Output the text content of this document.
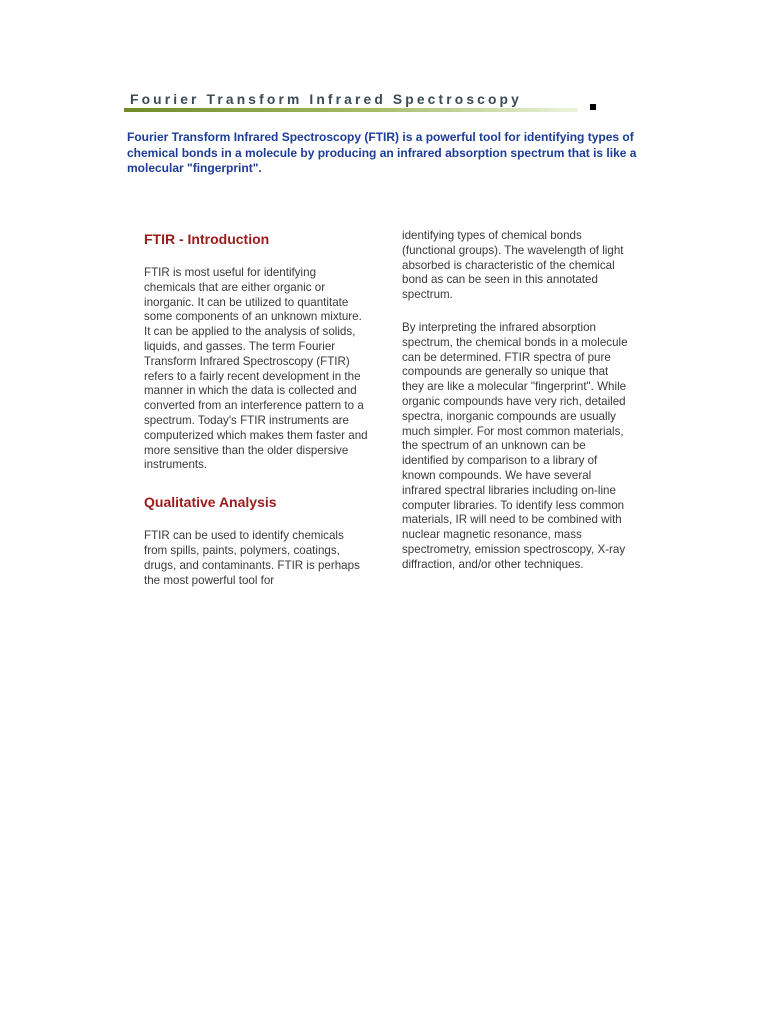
Fourier Transform Infrared Spectroscopy

Fourier Transform Infrared Spectroscopy (FTIR) is a powerful tool for identifying types of chemical bonds in a molecule by producing an infrared absorption spectrum that is like a molecular "fingerprint".

FTIR - Introduction

FTIR is most useful for identifying chemicals that are either organic or inorganic. It can be utilized to quantitate some components of an unknown mixture. It can be applied to the analysis of solids, liquids, and gasses. The term Fourier Transform Infrared Spectroscopy (FTIR) refers to a fairly recent development in the manner in which the data is collected and converted from an interference pattern to a spectrum. Today's FTIR instruments are computerized which makes them faster and more sensitive than the older dispersive instruments.

Qualitative Analysis

FTIR can be used to identify chemicals from spills, paints, polymers, coatings, drugs, and contaminants. FTIR is perhaps the most powerful tool for

identifying types of chemical bonds (functional groups). The wavelength of light absorbed is characteristic of the chemical bond as can be seen in this annotated spectrum.

By interpreting the infrared absorption spectrum, the chemical bonds in a molecule can be determined. FTIR spectra of pure compounds are generally so unique that they are like a molecular "fingerprint". While organic compounds have very rich, detailed spectra, inorganic compounds are usually much simpler. For most common materials, the spectrum of an unknown can be identified by comparison to a library of known compounds. We have several infrared spectral libraries including on-line computer libraries. To identify less common materials, IR will need to be combined with nuclear magnetic resonance, mass spectrometry, emission spectroscopy, X-ray diffraction, and/or other techniques.
